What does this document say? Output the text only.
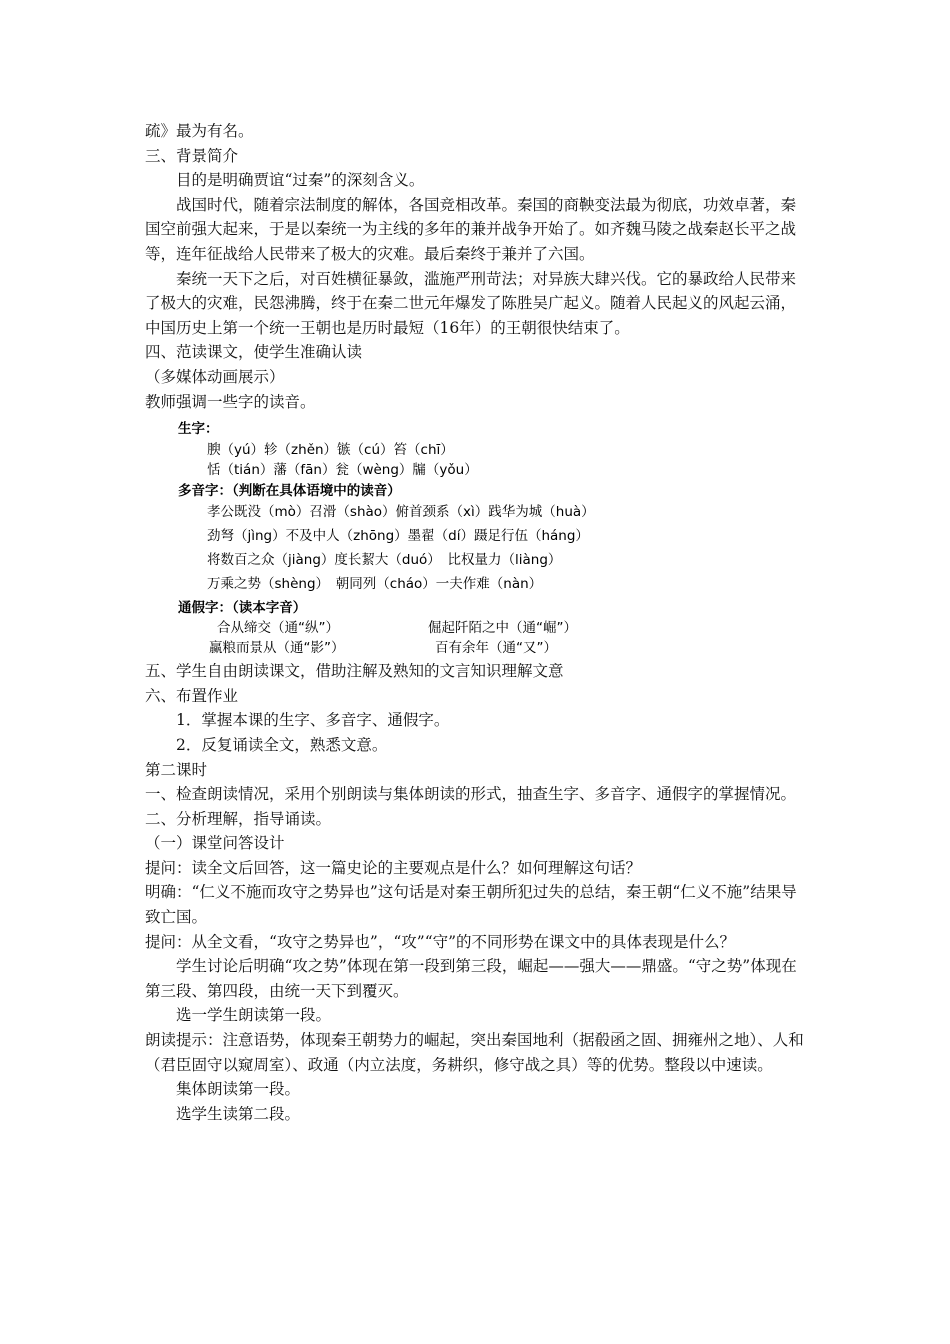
疏》最为有名。

三、背景简介

目的是明确贾谊“过秦”的深刻含义。

战国时代，随着宗法制度的解体，各国竞相改革。秦国的商鞅变法最为彻底，功效卓著，秦国空前强大起来，于是以秦统一为主线的多年的兼并战争开始了。如齐魏马陵之战秦赵长平之战等，连年征战给人民带来了极大的灾难。最后秦终于兼并了六国。

秦统一天下之后，对百姓横征暴敛，滥施严刑苛法；对异族大肆兴伐。它的暴政给人民带来了极大的灾难，民怨沸腾，终于在秦二世元年爆发了陈胜吴广起义。随着人民起义的风起云涌，中国历史上第一个统一王朝也是历时最短（16年）的王朝很快结束了。

四、范读课文，使学生准确认读

（多媒体动画展示）

教师强调一些字的读音。

生字：
腴（yú）轸（zhěn）镞（cú）笞（chī）
恬（tián）藩（fān）瓮（wèng）牖（yǒu）
多音字：（判断在具体语境中的读音）
孝公既没（mò）召滑（shào）俯首颈系（xì）践华为城（huà）
劲弩（jìng）不及中人（zhōng）墨翟（dí）蹑足行伍（háng）
将数百之众（jiàng）度长絜大（duó）　比权量力（liàng）
万乘之势（shèng）　朝同列（cháo）一夫作难（nàn）
通假字：（读本字音）
合从缔交（通“纵”）	倔起阡陌之中（通“崛”）
赢粮而景从（通“影”）	百有余年（通“又”）

五、学生自由朗读课文，借助注解及熟知的文言知识理解文意

六、布置作业

1．掌握本课的生字、多音字、通假字。

2．反复诵读全文，熟悉文意。

第二课时

一、检查朗读情况，采用个别朗读与集体朗读的形式，抽查生字、多音字、通假字的掌握情况。

二、分析理解，指导诵读。

（一）课堂问答设计

提问：读全文后回答，这一篇史论的主要观点是什么？如何理解这句话？

明确：“仁义不施而攻守之势异也”这句话是对秦王朝所犯过失的总结，秦王朝“仁义不施”结果导致亡国。

提问：从全文看，“攻守之势异也”，“攻”“守”的不同形势在课文中的具体表现是什么？

学生讨论后明确“攻之势”体现在第一段到第三段，崛起——强大——鼎盛。“守之势”体现在第三段、第四段，由统一天下到覆灭。

选一学生朗读第一段。

朗读提示：注意语势，体现秦王朝势力的崛起，突出秦国地利（据殽函之固、拥雍州之地）、人和（君臣固守以窥周室）、政通（内立法度，务耕织，修守战之具）等的优势。整段以中速读。

集体朗读第一段。

选学生读第二段。
